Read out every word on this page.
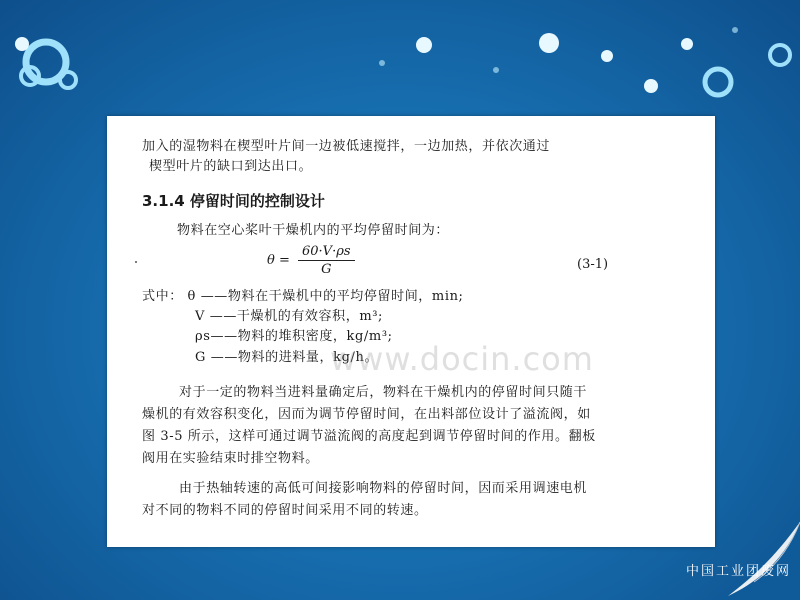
加入的湿物料在楔型叶片间一边被低速搅拌，一边加热，并依次通过
楔型叶片的缺口到达出口。
3.1.4 停留时间的控制设计
物料在空心桨叶干燥机内的平均停留时间为：
$\theta = \frac{60\cdot V\cdot\rho s}{G}$	(3-1)
式中： θ ——物料在干燥机中的平均停留时间，min;
V ——干燥机的有效容积，m³;
ρs——物料的堆积密度，kg/m³;
G ——物料的进料量，kg/h。
对于一定的物料当进料量确定后，物料在干燥机内的停留时间只随干
燥机的有效容积变化，因而为调节停留时间，在出料部位设计了溢流阀，如
图 3-5 所示，这样可通过调节溢流阀的高度起到调节停留时间的作用。翻板
阀用在实验结束时排空物料。
由于热轴转速的高低可间接影响物料的停留时间，因而采用调速电机
对不同的物料不同的停留时间采用不同的转速。
www.docin.com
中国工业团废网
